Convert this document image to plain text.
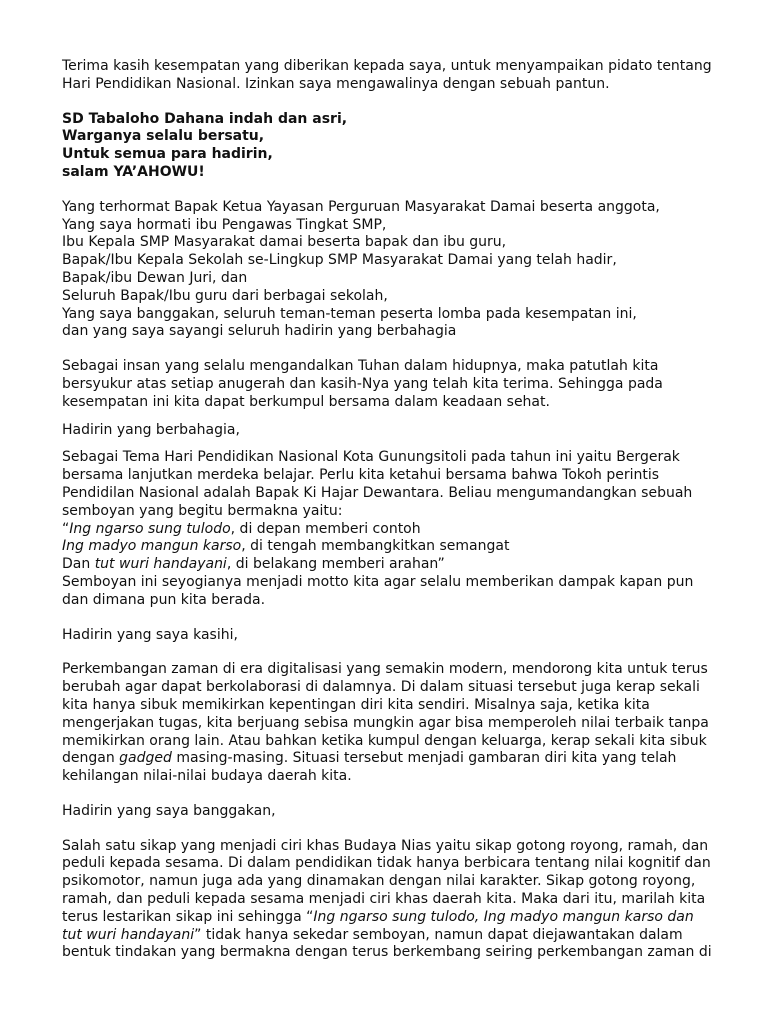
Terima kasih kesempatan yang diberikan kepada saya, untuk menyampaikan pidato tentang
Hari Pendidikan Nasional. Izinkan saya mengawalinya dengan sebuah pantun.

SD Tabaloho Dahana indah dan asri,
Warganya selalu bersatu,
Untuk semua para hadirin,
salam YA’AHOWU!

Yang terhormat Bapak Ketua Yayasan Perguruan Masyarakat Damai beserta anggota,
Yang saya hormati ibu Pengawas Tingkat SMP,
Ibu Kepala SMP Masyarakat damai beserta bapak dan ibu guru,
Bapak/Ibu Kepala Sekolah se-Lingkup SMP Masyarakat Damai yang telah hadir,
Bapak/ibu Dewan Juri, dan
Seluruh Bapak/Ibu guru dari berbagai sekolah,
Yang saya banggakan, seluruh teman-teman peserta lomba pada kesempatan ini,
dan yang saya sayangi seluruh hadirin yang berbahagia

Sebagai insan yang selalu mengandalkan Tuhan dalam hidupnya, maka patutlah kita
bersyukur atas setiap anugerah dan kasih-Nya yang telah kita terima. Sehingga pada
kesempatan ini kita dapat berkumpul bersama dalam keadaan sehat.

Hadirin yang berbahagia,

Sebagai Tema Hari Pendidikan Nasional Kota Gunungsitoli pada tahun ini yaitu Bergerak
bersama lanjutkan merdeka belajar. Perlu kita ketahui bersama bahwa Tokoh perintis
Pendidilan Nasional adalah Bapak Ki Hajar Dewantara. Beliau mengumandangkan sebuah
semboyan yang begitu bermakna yaitu:
“Ing ngarso sung tulodo, di depan memberi contoh
Ing madyo mangun karso, di tengah membangkitkan semangat
Dan tut wuri handayani, di belakang memberi arahan”
Semboyan ini seyogianya menjadi motto kita agar selalu memberikan dampak kapan pun
dan dimana pun kita berada.

Hadirin yang saya kasihi,

Perkembangan zaman di era digitalisasi yang semakin modern, mendorong kita untuk terus
berubah agar dapat berkolaborasi di dalamnya. Di dalam situasi tersebut juga kerap sekali
kita hanya sibuk memikirkan kepentingan diri kita sendiri. Misalnya saja, ketika kita
mengerjakan tugas, kita berjuang sebisa mungkin agar bisa memperoleh nilai terbaik tanpa
memikirkan orang lain. Atau bahkan ketika kumpul dengan keluarga, kerap sekali kita sibuk
dengan gadged masing-masing. Situasi tersebut menjadi gambaran diri kita yang telah
kehilangan nilai-nilai budaya daerah kita.

Hadirin yang saya banggakan,

Salah satu sikap yang menjadi ciri khas Budaya Nias yaitu sikap gotong royong, ramah, dan
peduli kepada sesama. Di dalam pendidikan tidak hanya berbicara tentang nilai kognitif dan
psikomotor, namun juga ada yang dinamakan dengan nilai karakter. Sikap gotong royong,
ramah, dan peduli kepada sesama menjadi ciri khas daerah kita. Maka dari itu, marilah kita
terus lestarikan sikap ini sehingga “Ing ngarso sung tulodo, Ing madyo mangun karso dan
tut wuri handayani” tidak hanya sekedar semboyan, namun dapat diejawantakan dalam
bentuk tindakan yang bermakna dengan terus berkembang seiring perkembangan zaman di
